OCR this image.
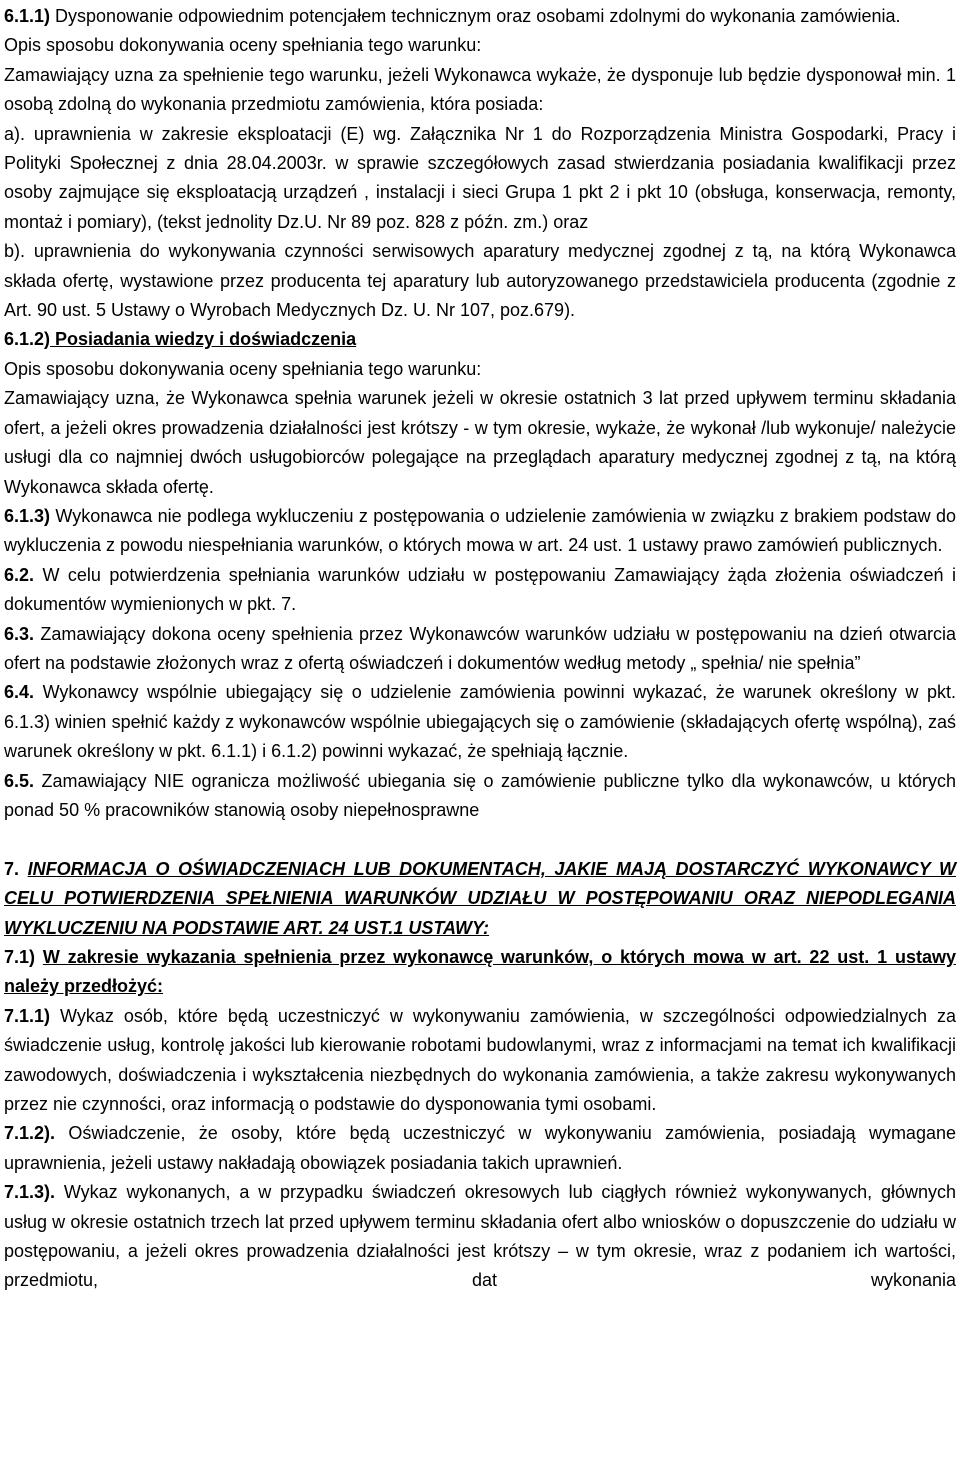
6.1.1) Dysponowanie odpowiednim potencjałem technicznym oraz osobami zdolnymi do wykonania zamówienia.

Opis sposobu dokonywania oceny spełniania tego warunku:

Zamawiający uzna za spełnienie tego warunku, jeżeli Wykonawca wykaże, że dysponuje lub będzie dysponował min. 1 osobą zdolną do wykonania przedmiotu zamówienia, która posiada:

a). uprawnienia w zakresie eksploatacji (E) wg. Załącznika Nr 1 do Rozporządzenia Ministra Gospodarki, Pracy i Polityki Społecznej z dnia 28.04.2003r. w sprawie szczegółowych zasad stwierdzania posiadania kwalifikacji przez osoby zajmujące się eksploatacją urządzeń , instalacji i sieci Grupa 1 pkt 2 i pkt 10 (obsługa, konserwacja, remonty, montaż i pomiary), (tekst jednolity Dz.U. Nr 89 poz. 828 z późn. zm.) oraz

b). uprawnienia do wykonywania czynności serwisowych aparatury medycznej zgodnej z tą, na którą Wykonawca składa ofertę, wystawione przez producenta tej aparatury lub autoryzowanego przedstawiciela producenta (zgodnie z Art. 90 ust. 5 Ustawy o Wyrobach Medycznych Dz. U. Nr 107, poz.679).

6.1.2) Posiadania wiedzy i doświadczenia

Opis sposobu dokonywania oceny spełniania tego warunku:

Zamawiający uzna, że Wykonawca spełnia warunek jeżeli w okresie ostatnich 3 lat przed upływem terminu składania ofert, a jeżeli okres prowadzenia działalności jest krótszy - w tym okresie, wykaże, że wykonał /lub wykonuje/ należycie usługi dla co najmniej dwóch usługobiorców polegające na przeglądach aparatury medycznej zgodnej z tą, na którą Wykonawca składa ofertę.

6.1.3) Wykonawca nie podlega wykluczeniu z postępowania o udzielenie zamówienia w związku z brakiem podstaw do wykluczenia z powodu niespełniania warunków, o których mowa w art. 24 ust. 1 ustawy prawo zamówień publicznych.

6.2. W celu potwierdzenia spełniania warunków udziału w postępowaniu Zamawiający żąda złożenia oświadczeń i dokumentów wymienionych w pkt. 7.

6.3. Zamawiający dokona oceny spełnienia przez Wykonawców warunków udziału w postępowaniu na dzień otwarcia ofert na podstawie złożonych wraz z ofertą oświadczeń i dokumentów według metody „ spełnia/ nie spełnia”

6.4. Wykonawcy wspólnie ubiegający się o udzielenie zamówienia powinni wykazać, że warunek określony w pkt. 6.1.3) winien spełnić każdy z wykonawców wspólnie ubiegających się o zamówienie (składających ofertę wspólną), zaś warunek określony w pkt. 6.1.1) i 6.1.2) powinni wykazać, że spełniają łącznie.

6.5. Zamawiający NIE ogranicza możliwość ubiegania się o zamówienie publiczne tylko dla wykonawców, u których ponad 50 % pracowników stanowią osoby niepełnosprawne

7. INFORMACJA O OŚWIADCZENIACH LUB DOKUMENTACH, JAKIE MAJĄ DOSTARCZYĆ WYKONAWCY W CELU POTWIERDZENIA SPEŁNIENIA WARUNKÓW UDZIAŁU W POSTĘPOWANIU ORAZ NIEPODLEGANIA WYKLUCZENIU NA PODSTAWIE ART. 24 UST.1 USTAWY:

7.1) W zakresie wykazania spełnienia przez wykonawcę warunków, o których mowa w art. 22 ust. 1 ustawy należy przedłożyć:

7.1.1) Wykaz osób, które będą uczestniczyć w wykonywaniu zamówienia, w szczególności odpowiedzialnych za świadczenie usług, kontrolę jakości lub kierowanie robotami budowlanymi, wraz z informacjami na temat ich kwalifikacji zawodowych, doświadczenia i wykształcenia niezbędnych do wykonania zamówienia, a także zakresu wykonywanych przez nie czynności, oraz informacją o podstawie do dysponowania tymi osobami.

7.1.2). Oświadczenie, że osoby, które będą uczestniczyć w wykonywaniu zamówienia, posiadają wymagane uprawnienia, jeżeli ustawy nakładają obowiązek posiadania takich uprawnień.

7.1.3). Wykaz wykonanych, a w przypadku świadczeń okresowych lub ciągłych również wykonywanych, głównych usług w okresie ostatnich trzech lat przed upływem terminu składania ofert albo wniosków o dopuszczenie do udziału w postępowaniu, a jeżeli okres prowadzenia działalności jest krótszy – w tym okresie, wraz z podaniem ich wartości, przedmiotu, dat wykonania
